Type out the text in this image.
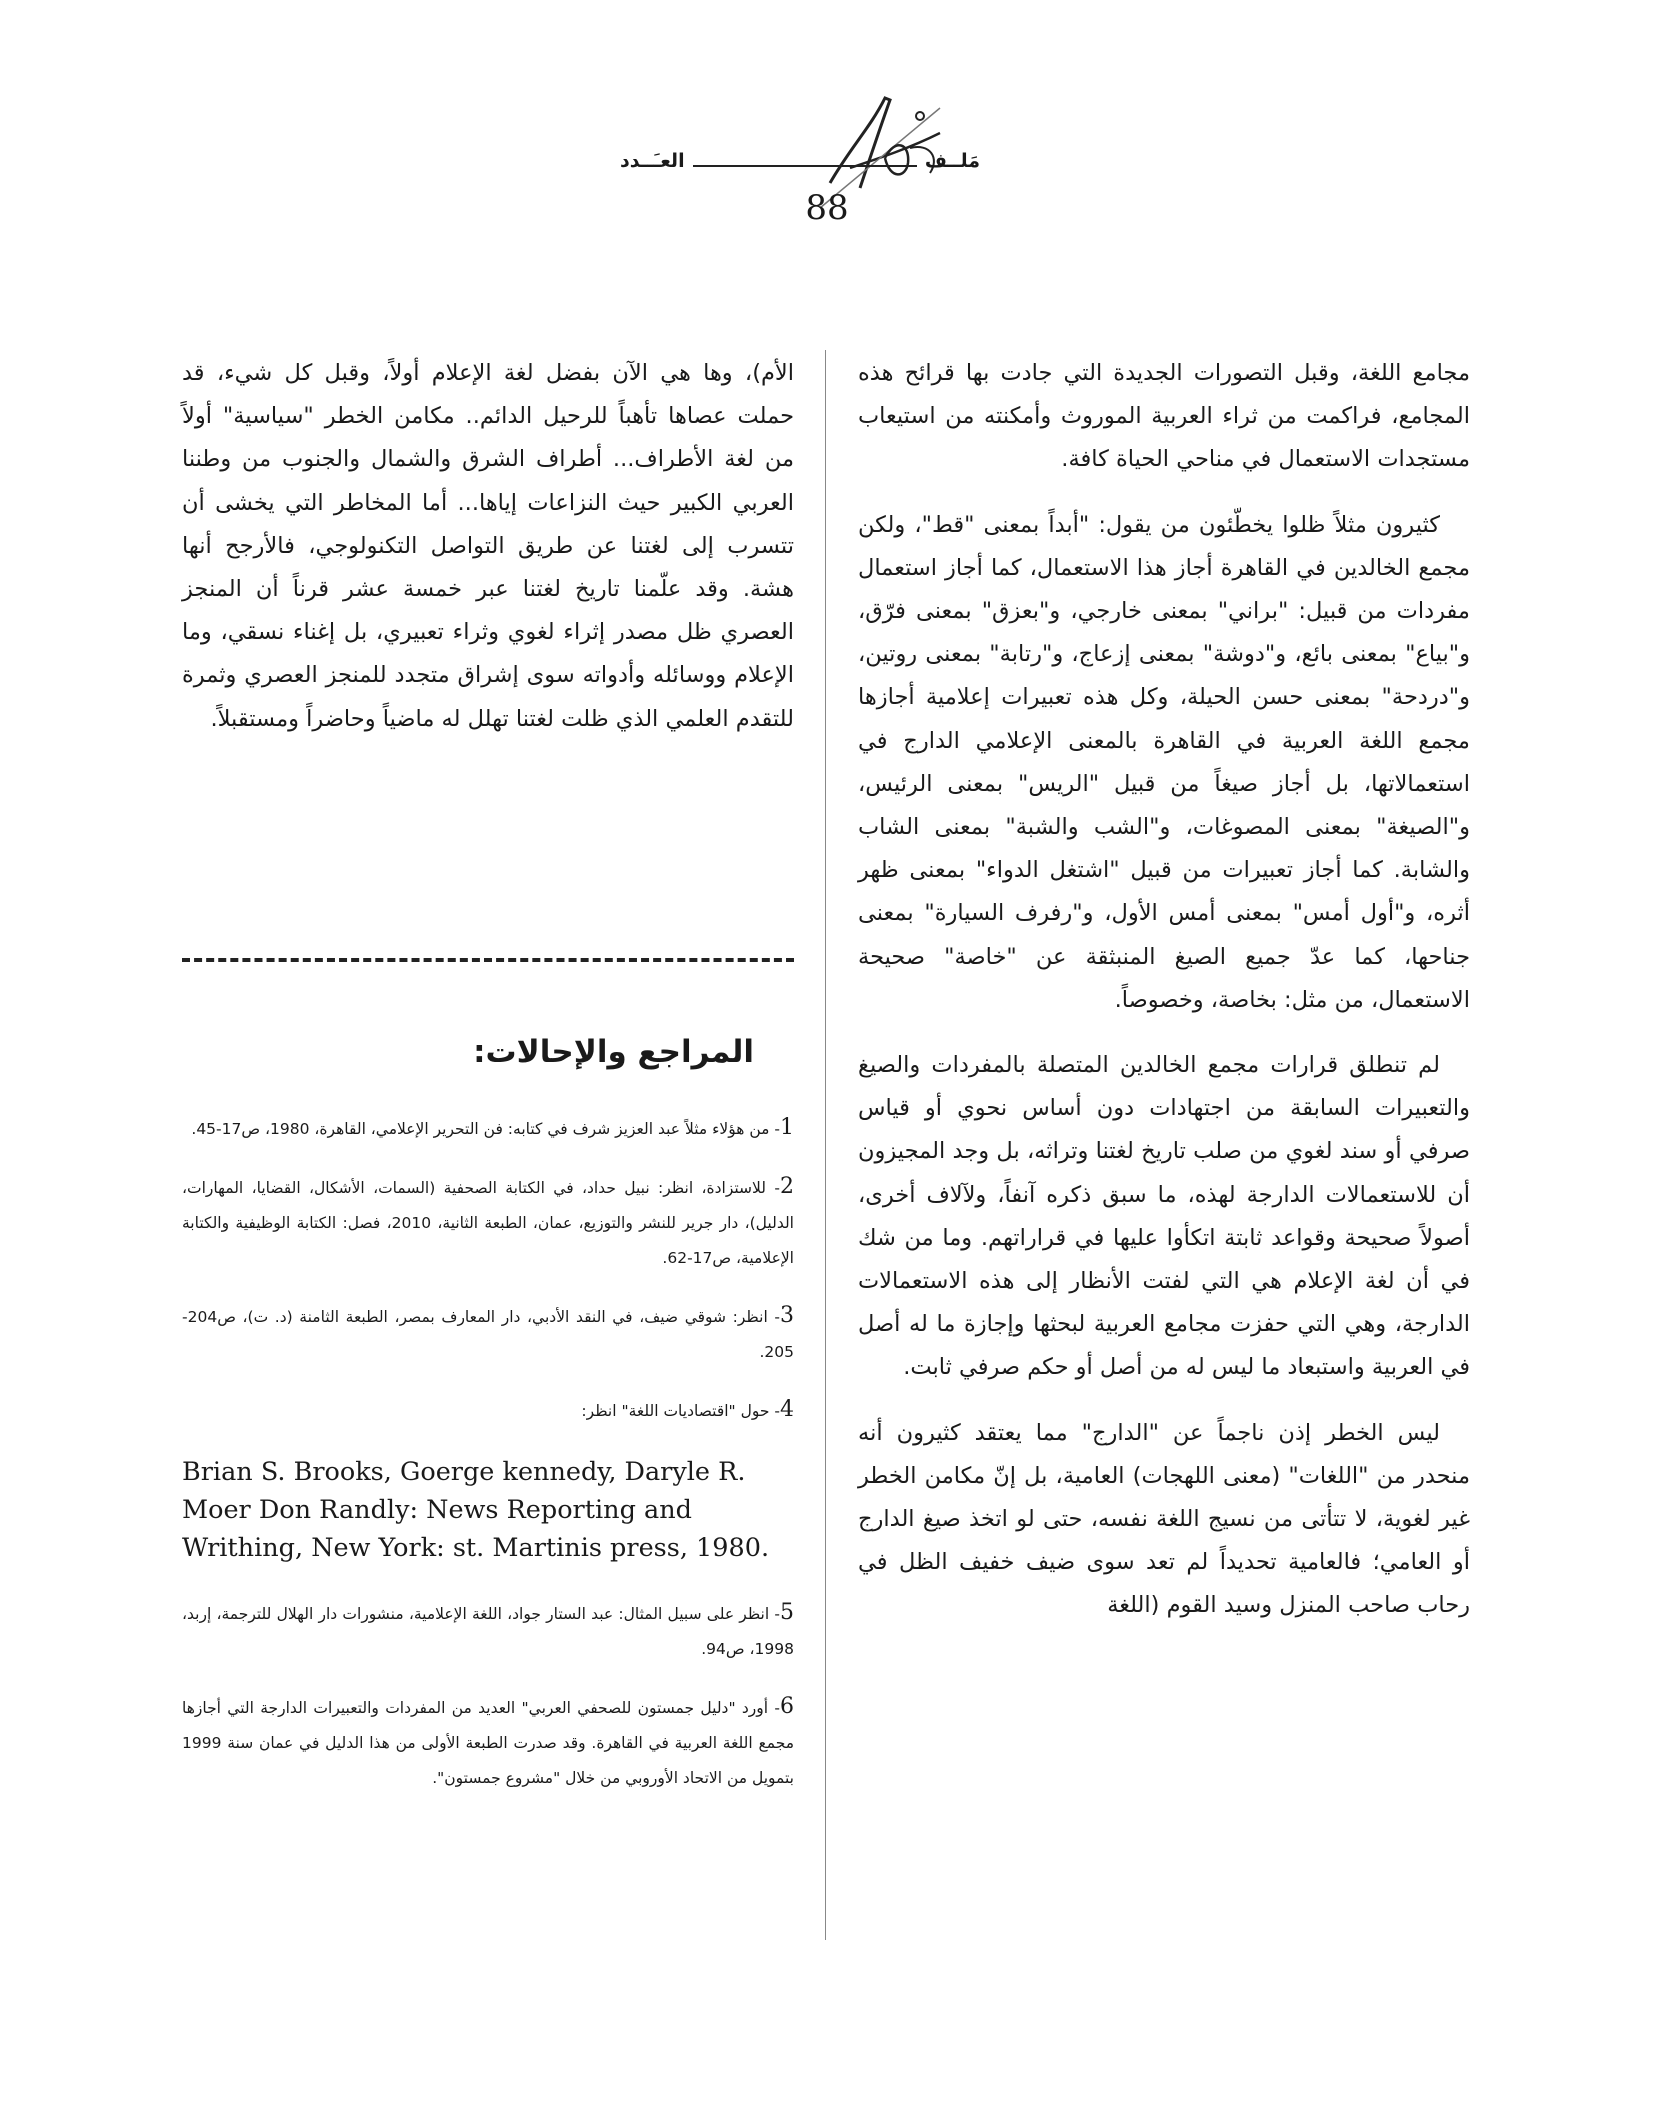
مَلــف
العـَــدد
88

مجامع اللغة، وقبل التصورات الجديدة التي جادت بها قرائح هذه المجامع، فراكمت من ثراء العربية الموروث وأمكنته من استيعاب مستجدات الاستعمال في مناحي الحياة كافة.

كثيرون مثلاً ظلوا يخطّئون من يقول: "أبداً بمعنى "قط"، ولكن مجمع الخالدين في القاهرة أجاز هذا الاستعمال، كما أجاز استعمال مفردات من قبيل: "براني" بمعنى خارجي، و"بعزق" بمعنى فرّق، و"بياع" بمعنى بائع، و"دوشة" بمعنى إزعاج، و"رتابة" بمعنى روتين، و"دردحة" بمعنى حسن الحيلة، وكل هذه تعبيرات إعلامية أجازها مجمع اللغة العربية في القاهرة بالمعنى الإعلامي الدارج في استعمالاتها، بل أجاز صيغاً من قبيل "الريس" بمعنى الرئيس، و"الصيغة" بمعنى المصوغات، و"الشب والشبة" بمعنى الشاب والشابة. كما أجاز تعبيرات من قبيل "اشتغل الدواء" بمعنى ظهر أثره، و"أول أمس" بمعنى أمس الأول، و"رفرف السيارة" بمعنى جناحها، كما عدّ جميع الصيغ المنبثقة عن "خاصة" صحيحة الاستعمال، من مثل: بخاصة، وخصوصاً.

لم تنطلق قرارات مجمع الخالدين المتصلة بالمفردات والصيغ والتعبيرات السابقة من اجتهادات دون أساس نحوي أو قياس صرفي أو سند لغوي من صلب تاريخ لغتنا وتراثه، بل وجد المجيزون أن للاستعمالات الدارجة لهذه، ما سبق ذكره آنفاً، ولآلاف أخرى، أصولاً صحيحة وقواعد ثابتة اتكأوا عليها في قراراتهم. وما من شك في أن لغة الإعلام هي التي لفتت الأنظار إلى هذه الاستعمالات الدارجة، وهي التي حفزت مجامع العربية لبحثها وإجازة ما له أصل في العربية واستبعاد ما ليس له من أصل أو حكم صرفي ثابت.

ليس الخطر إذن ناجماً عن "الدارج" مما يعتقد كثيرون أنه منحدر من "اللغات" (معنى اللهجات) العامية، بل إنّ مكامن الخطر غير لغوية، لا تتأتى من نسيج اللغة نفسه، حتى لو اتخذ صيغ الدارج أو العامي؛ فالعامية تحديداً لم تعد سوى ضيف خفيف الظل في رحاب صاحب المنزل وسيد القوم (اللغة

الأم)، وها هي الآن بفضل لغة الإعلام أولاً، وقبل كل شيء، قد حملت عصاها تأهباً للرحيل الدائم.. مكامن الخطر "سياسية" أولاً من لغة الأطراف... أطراف الشرق والشمال والجنوب من وطننا العربي الكبير حيث النزاعات إياها... أما المخاطر التي يخشى أن تتسرب إلى لغتنا عن طريق التواصل التكنولوجي، فالأرجح أنها هشة. وقد علّمنا تاريخ لغتنا عبر خمسة عشر قرناً أن المنجز العصري ظل مصدر إثراء لغوي وثراء تعبيري، بل إغناء نسقي، وما الإعلام ووسائله وأدواته سوى إشراق متجدد للمنجز العصري وثمرة للتقدم العلمي الذي ظلت لغتنا تهلل له ماضياً وحاضراً ومستقبلاً.

المراجع والإحالات:
1- من هؤلاء مثلاً عبد العزيز شرف في كتابه: فن التحرير الإعلامي، القاهرة، 1980، ص17-45.
2- للاستزادة، انظر: نبيل حداد، في الكتابة الصحفية (السمات، الأشكال، القضايا، المهارات، الدليل)، دار جرير للنشر والتوزيع، عمان، الطبعة الثانية، 2010، فصل: الكتابة الوظيفية والكتابة الإعلامية، ص17-62.
3- انظر: شوقي ضيف، في النقد الأدبي، دار المعارف بمصر، الطبعة الثامنة (د. ت)، ص204-205.
4- حول "اقتصاديات اللغة" انظر:
Brian S. Brooks, Goerge kennedy, Daryle R. Moer Don Randly: News Reporting and Writhing, New York: st. Martinis press, 1980.
5- انظر على سبيل المثال: عبد الستار جواد، اللغة الإعلامية، منشورات دار الهلال للترجمة، إربد، 1998، ص94.
6- أورد "دليل جمستون للصحفي العربي" العديد من المفردات والتعبيرات الدارجة التي أجازها مجمع اللغة العربية في القاهرة. وقد صدرت الطبعة الأولى من هذا الدليل في عمان سنة 1999 بتمويل من الاتحاد الأوروبي من خلال "مشروع جمستون".
